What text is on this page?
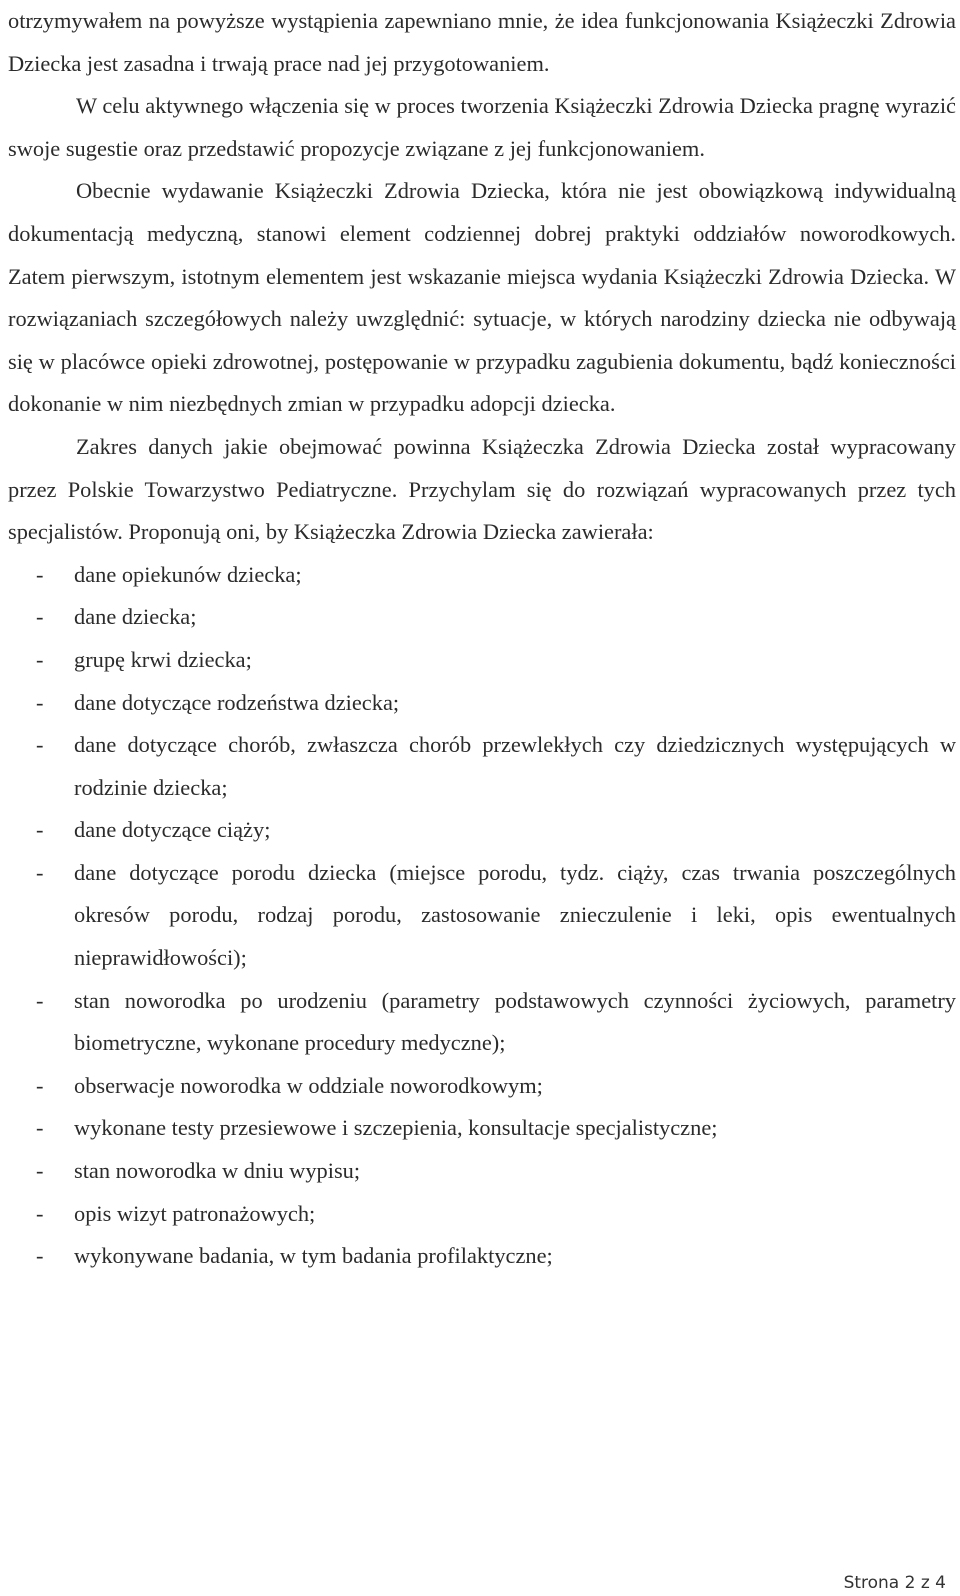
otrzymywałem na powyższe wystąpienia zapewniano mnie, że idea funkcjonowania Książeczki Zdrowia Dziecka jest zasadna i trwają prace nad jej przygotowaniem.

W celu aktywnego włączenia się w proces tworzenia Książeczki Zdrowia Dziecka pragnę wyrazić swoje sugestie oraz przedstawić propozycje związane z jej funkcjonowaniem.

Obecnie wydawanie Książeczki Zdrowia Dziecka, która nie jest obowiązkową indywidualną dokumentacją medyczną, stanowi element codziennej dobrej praktyki oddziałów noworodkowych. Zatem pierwszym, istotnym elementem jest wskazanie miejsca wydania Książeczki Zdrowia Dziecka. W rozwiązaniach szczegółowych należy uwzględnić: sytuacje, w których narodziny dziecka nie odbywają się w placówce opieki zdrowotnej, postępowanie w przypadku zagubienia dokumentu, bądź konieczności dokonanie w nim niezbędnych zmian w przypadku adopcji dziecka.

Zakres danych jakie obejmować powinna Książeczka Zdrowia Dziecka został wypracowany przez Polskie Towarzystwo Pediatryczne. Przychylam się do rozwiązań wypracowanych przez tych specjalistów. Proponują oni, by Książeczka Zdrowia Dziecka zawierała:

- dane opiekunów dziecka;
- dane dziecka;
- grupę krwi dziecka;
- dane dotyczące rodzeństwa dziecka;
- dane dotyczące chorób, zwłaszcza chorób przewlekłych czy dziedzicznych występujących w rodzinie dziecka;
- dane dotyczące ciąży;
- dane dotyczące porodu dziecka (miejsce porodu, tydz. ciąży, czas trwania poszczególnych okresów porodu, rodzaj porodu, zastosowanie znieczulenie i leki, opis ewentualnych nieprawidłowości);
- stan noworodka po urodzeniu (parametry podstawowych czynności życiowych, parametry biometryczne, wykonane procedury medyczne);
- obserwacje noworodka w oddziale noworodkowym;
- wykonane testy przesiewowe i szczepienia, konsultacje specjalistyczne;
- stan noworodka w dniu wypisu;
- opis wizyt patronażowych;
- wykonywane badania, w tym badania profilaktyczne;
Strona 2 z 4
